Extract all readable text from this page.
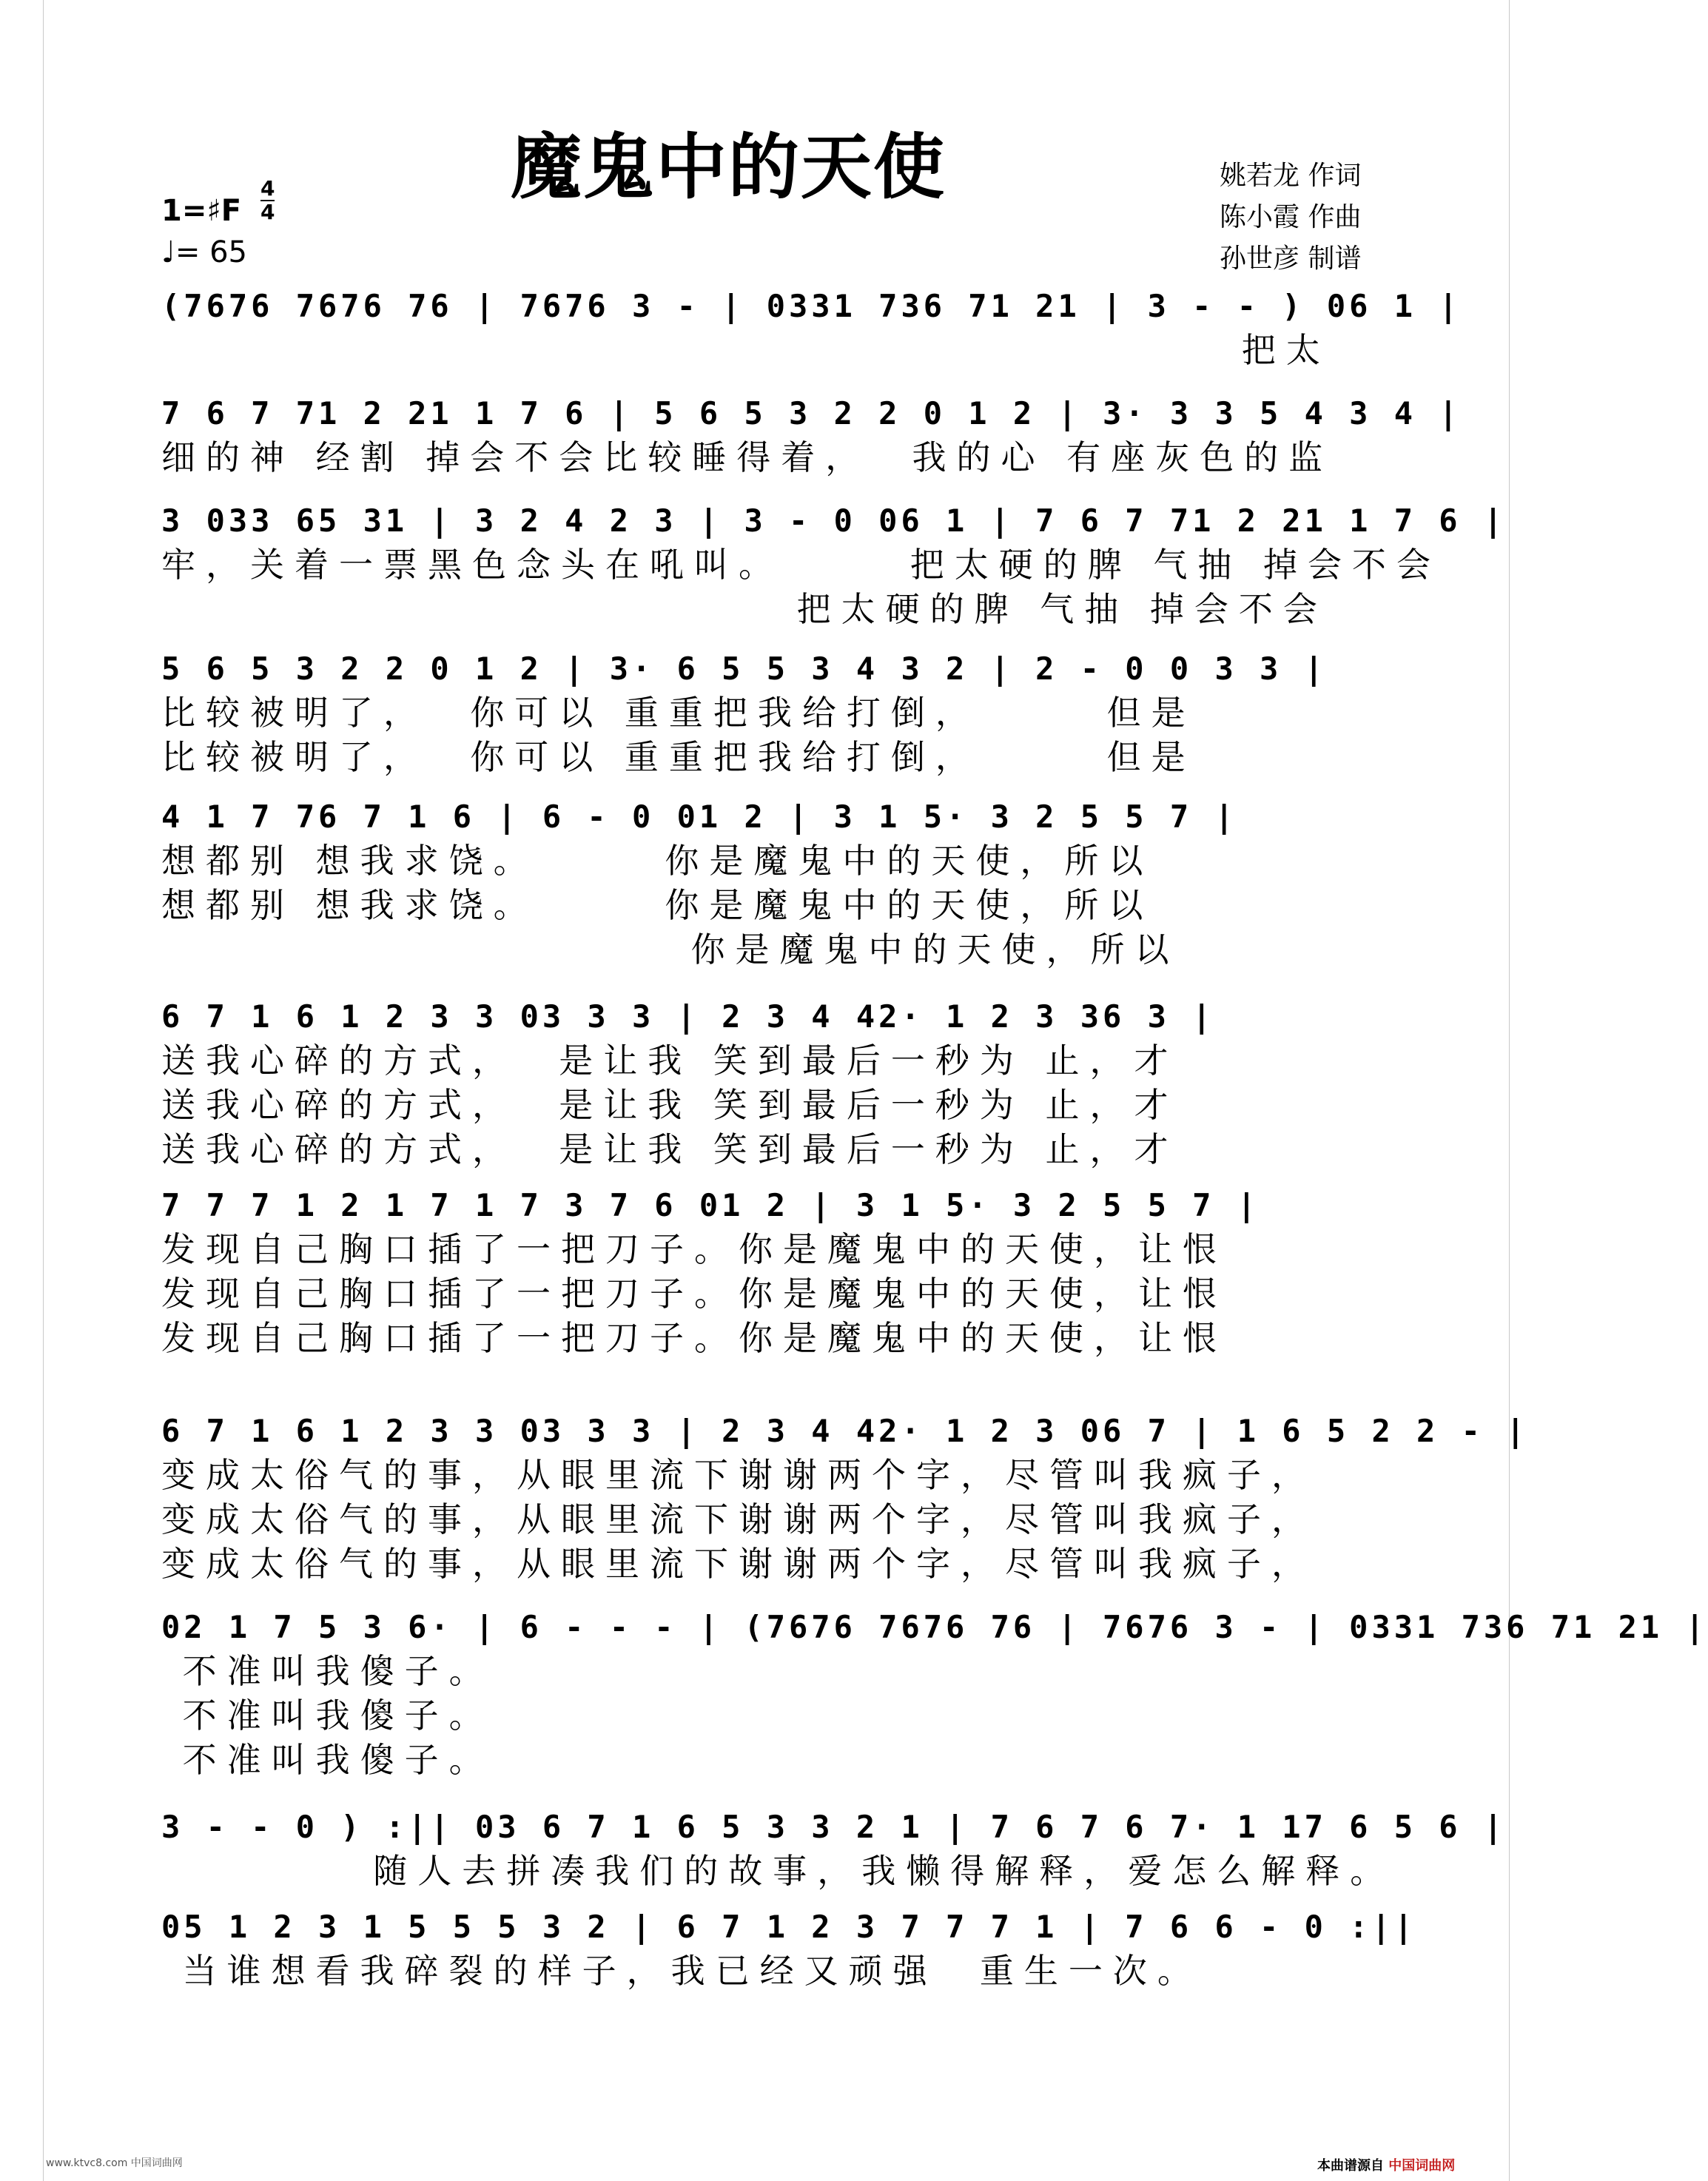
魔鬼中的天使
1=♯F
4
4
♩= 65
姚若龙 作词
陈小霞 作曲
孙世彦 制谱
(7676 7676 76 | 7676 3 - | 0331 736 71 21 | 3 - - ) 06 1 |
把太
7 6 7 71 2 21 1 7 6 | 5 6 5 3 2 2 0 1 2 | 3· 3 3 5 4 3 4 |
细的神 经割 掉会不会比较睡得着，  我的心 有座灰色的监
3 033 65 31 | 3 2 4 2 3 | 3 - 0 06 1 | 7 6 7 71 2 21 1 7 6 |
牢，关着一票黑色念头在吼叫。      把太硬的脾 气抽 掉会不会
把太硬的脾 气抽 掉会不会
5 6 5 3 2 2 0 1 2 | 3· 6 5 5 3 4 3 2 | 2 - 0 0 3 3 |
比较被明了，  你可以 重重把我给打倒，      但是
比较被明了，  你可以 重重把我给打倒，      但是
4 1 7 76 7 1 6 | 6 - 0 01 2 | 3 1 5· 3 2 5 5 7 |
想都别 想我求饶。      你是魔鬼中的天使，所以
想都别 想我求饶。      你是魔鬼中的天使，所以
你是魔鬼中的天使，所以
6 7 1 6 1 2 3 3 03 3 3 | 2 3 4 42· 1 2 3 36 3 |
送我心碎的方式，  是让我 笑到最后一秒为 止，才
送我心碎的方式，  是让我 笑到最后一秒为 止，才
送我心碎的方式，  是让我 笑到最后一秒为 止，才
7 7 7 1 2 1 7 1 7 3 7 6 01 2 | 3 1 5· 3 2 5 5 7 |
发现自己胸口插了一把刀子。你是魔鬼中的天使，让恨
发现自己胸口插了一把刀子。你是魔鬼中的天使，让恨
发现自己胸口插了一把刀子。你是魔鬼中的天使，让恨
6 7 1 6 1 2 3 3 03 3 3 | 2 3 4 42· 1 2 3 06 7 | 1 6 5 2 2 - |
变成太俗气的事，从眼里流下谢谢两个字，尽管叫我疯子，
变成太俗气的事，从眼里流下谢谢两个字，尽管叫我疯子，
变成太俗气的事，从眼里流下谢谢两个字，尽管叫我疯子，
02 1 7 5 3 6· | 6 - - - | (7676 7676 76 | 7676 3 - | 0331 736 71 21 |
不准叫我傻子。
不准叫我傻子。
不准叫我傻子。
3 - - 0 ) :|| 03 6 7 1 6 5 3 3 2 1 | 7 6 7 6 7· 1 17 6 5 6 |
随人去拼凑我们的故事，我懒得解释，爱怎么解释。
05 1 2 3 1 5 5 5 3 2 | 6 7 1 2 3 7 7 7 1 | 7 6 6 - 0 :||
当谁想看我碎裂的样子，我已经又顽强  重生一次。
www.ktvc8.com 中国词曲网	本曲谱源自 中国词曲网
